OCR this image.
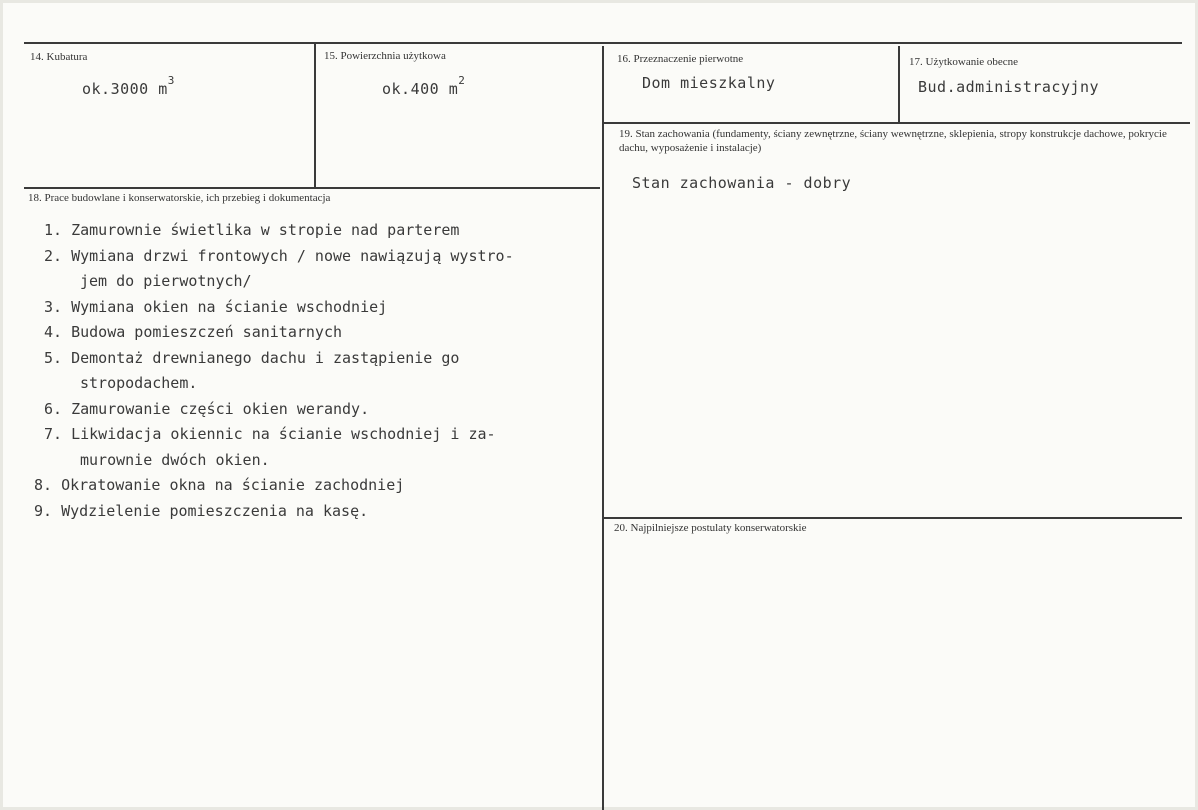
14. Kubatura
ok.3000 $m^3$
15. Powierzchnia użytkowa
ok.400 $m^2$
16. Przeznaczenie pierwotne
Dom mieszkalny
17. Użytkowanie obecne
Bud.administracyjny
18. Prace budowlane i konserwatorskie, ich przebieg i dokumentacja
1. Zamurownie świetlika w stropie nad parterem
2. Wymiana drzwi frontowych / nowe nawiązują wystro-
jem do pierwotnych/
3. Wymiana okien na ścianie wschodniej
4. Budowa pomieszczeń sanitarnych
5. Demontaż drewnianego dachu i zastąpienie go
stropodachem.
6. Zamurowanie części okien werandy.
7. Likwidacja okiennic na ścianie wschodniej i za-
murownie dwóch okien.
8. Okratowanie okna na ścianie zachodniej
9. Wydzielenie pomieszczenia na kasę.
19. Stan zachowania (fundamenty, ściany zewnętrzne, ściany wewnętrzne, sklepienia, stropy konstrukcje dachowe, pokrycie dachu, wyposażenie i instalacje)
Stan zachowania - dobry
20. Najpilniejsze postulaty konserwatorskie
